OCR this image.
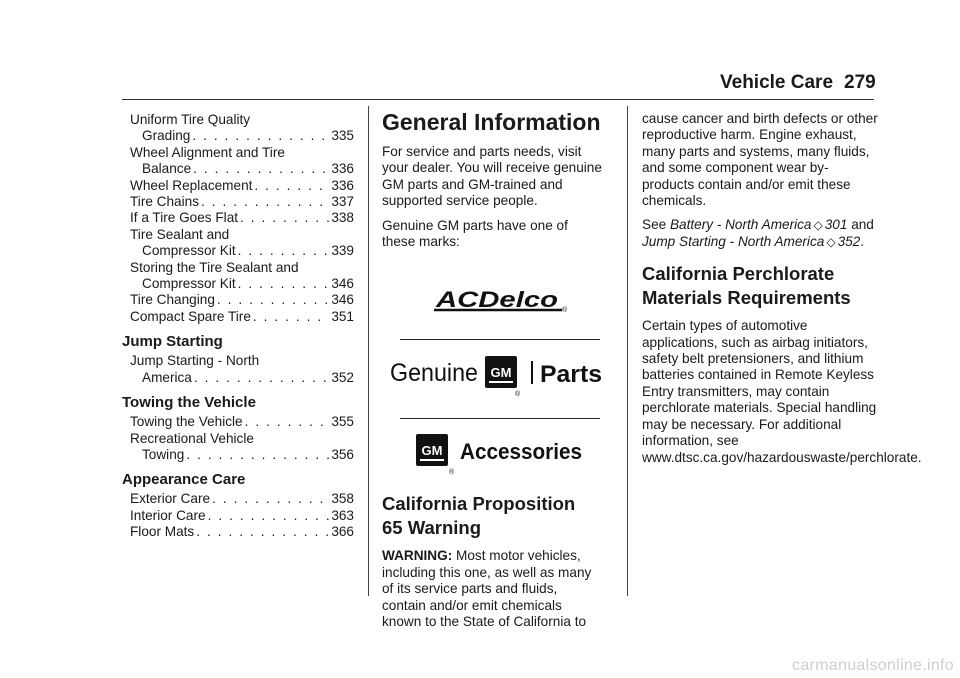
Vehicle Care 279
Uniform Tire Quality
Grading . . .	335
Wheel Alignment and Tire
Balance . . .	336
Wheel Replacement . . .	336
Tire Chains . . .	337
If a Tire Goes Flat . . .	338
Tire Sealant and
Compressor Kit . . .	339
Storing the Tire Sealant and
Compressor Kit . . .	346
Tire Changing . . .	346
Compact Spare Tire . . .	351
Jump Starting
Jump Starting - North
America . . .	352
Towing the Vehicle
Towing the Vehicle . . .	355
Recreational Vehicle
Towing . . .	356
Appearance Care
Exterior Care . . .	358
Interior Care . . .	363
Floor Mats . . .	366
General Information

For service and parts needs, visit your dealer. You will receive genuine GM parts and GM-trained and supported service people.

Genuine GM parts have one of these marks:

ACDelco ®
Genuine GM
®
Parts
GM
®
Accessories
California Proposition
65 Warning

WARNING: Most motor vehicles, including this one, as well as many of its service parts and fluids, contain and/or emit chemicals known to the State of California to

cause cancer and birth defects or other reproductive harm. Engine exhaust, many parts and systems, many fluids, and some component wear by-products contain and/or emit these chemicals.

See Battery - North America ◇ 301 and Jump Starting - North America ◇ 352.

California Perchlorate
Materials Requirements

Certain types of automotive applications, such as airbag initiators, safety belt pretensioners, and lithium batteries contained in Remote Keyless Entry transmitters, may contain perchlorate materials. Special handling may be necessary. For additional information, see www.dtsc.ca.gov/hazardouswaste/perchlorate.

carmanualsonline.info
